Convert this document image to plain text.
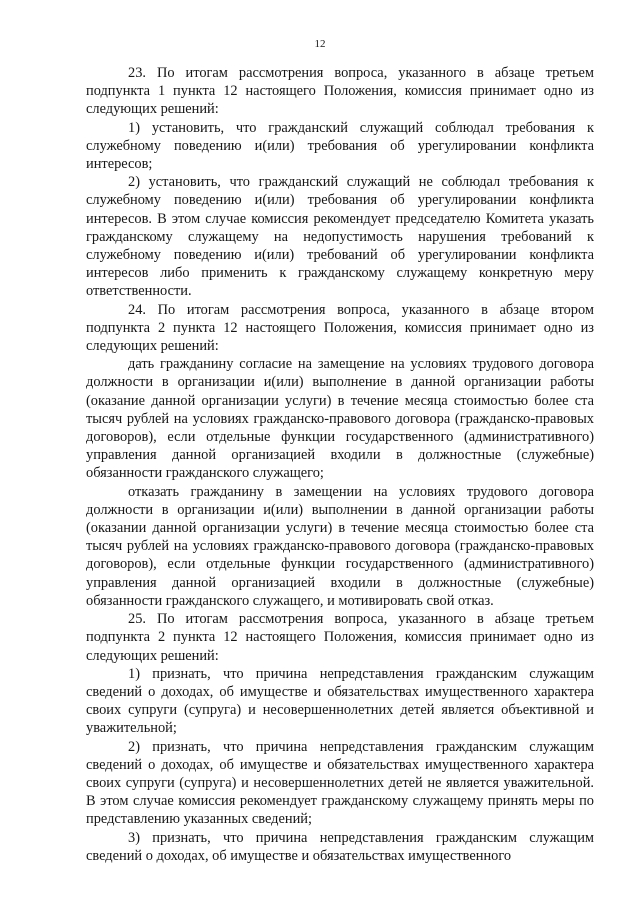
12

23. По итогам рассмотрения вопроса, указанного в абзаце третьем подпункта 1 пункта 12 настоящего Положения, комиссия принимает одно из следующих решений:

1) установить, что гражданский служащий соблюдал требования к служебному поведению и(или) требования об урегулировании конфликта интересов;

2) установить, что гражданский служащий не соблюдал требования к служебному поведению и(или) требования об урегулировании конфликта интересов. В этом случае комиссия рекомендует председателю Комитета указать гражданскому служащему на недопустимость нарушения требований к служебному поведению и(или) требований об урегулировании конфликта интересов либо применить к гражданскому служащему конкретную меру ответственности.

24. По итогам рассмотрения вопроса, указанного в абзаце втором подпункта 2 пункта 12 настоящего Положения, комиссия принимает одно из следующих решений:

дать гражданину согласие на замещение на условиях трудового договора должности в организации и(или) выполнение в данной организации работы (оказание данной организации услуги) в течение месяца стоимостью более ста тысяч рублей на условиях гражданско-правового договора (гражданско-правовых договоров), если отдельные функции государственного (административного) управления данной организацией входили в должностные (служебные) обязанности гражданского служащего;

отказать гражданину в замещении на условиях трудового договора должности в организации и(или) выполнении в данной организации работы (оказании данной организации услуги) в течение месяца стоимостью более ста тысяч рублей на условиях гражданско-правового договора (гражданско-правовых договоров), если отдельные функции государственного (административного) управления данной организацией входили в должностные (служебные) обязанности гражданского служащего, и мотивировать свой отказ.

25. По итогам рассмотрения вопроса, указанного в абзаце третьем подпункта 2 пункта 12 настоящего Положения, комиссия принимает одно из следующих решений:

1) признать, что причина непредставления гражданским служащим сведений о доходах, об имуществе и обязательствах имущественного характера своих супруги (супруга) и несовершеннолетних детей является объективной и уважительной;

2) признать, что причина непредставления гражданским служащим сведений о доходах, об имуществе и обязательствах имущественного характера своих супруги (супруга) и несовершеннолетних детей не является уважительной. В этом случае комиссия рекомендует гражданскому служащему принять меры по представлению указанных сведений;

3) признать, что причина непредставления гражданским служащим сведений о доходах, об имуществе и обязательствах имущественного
